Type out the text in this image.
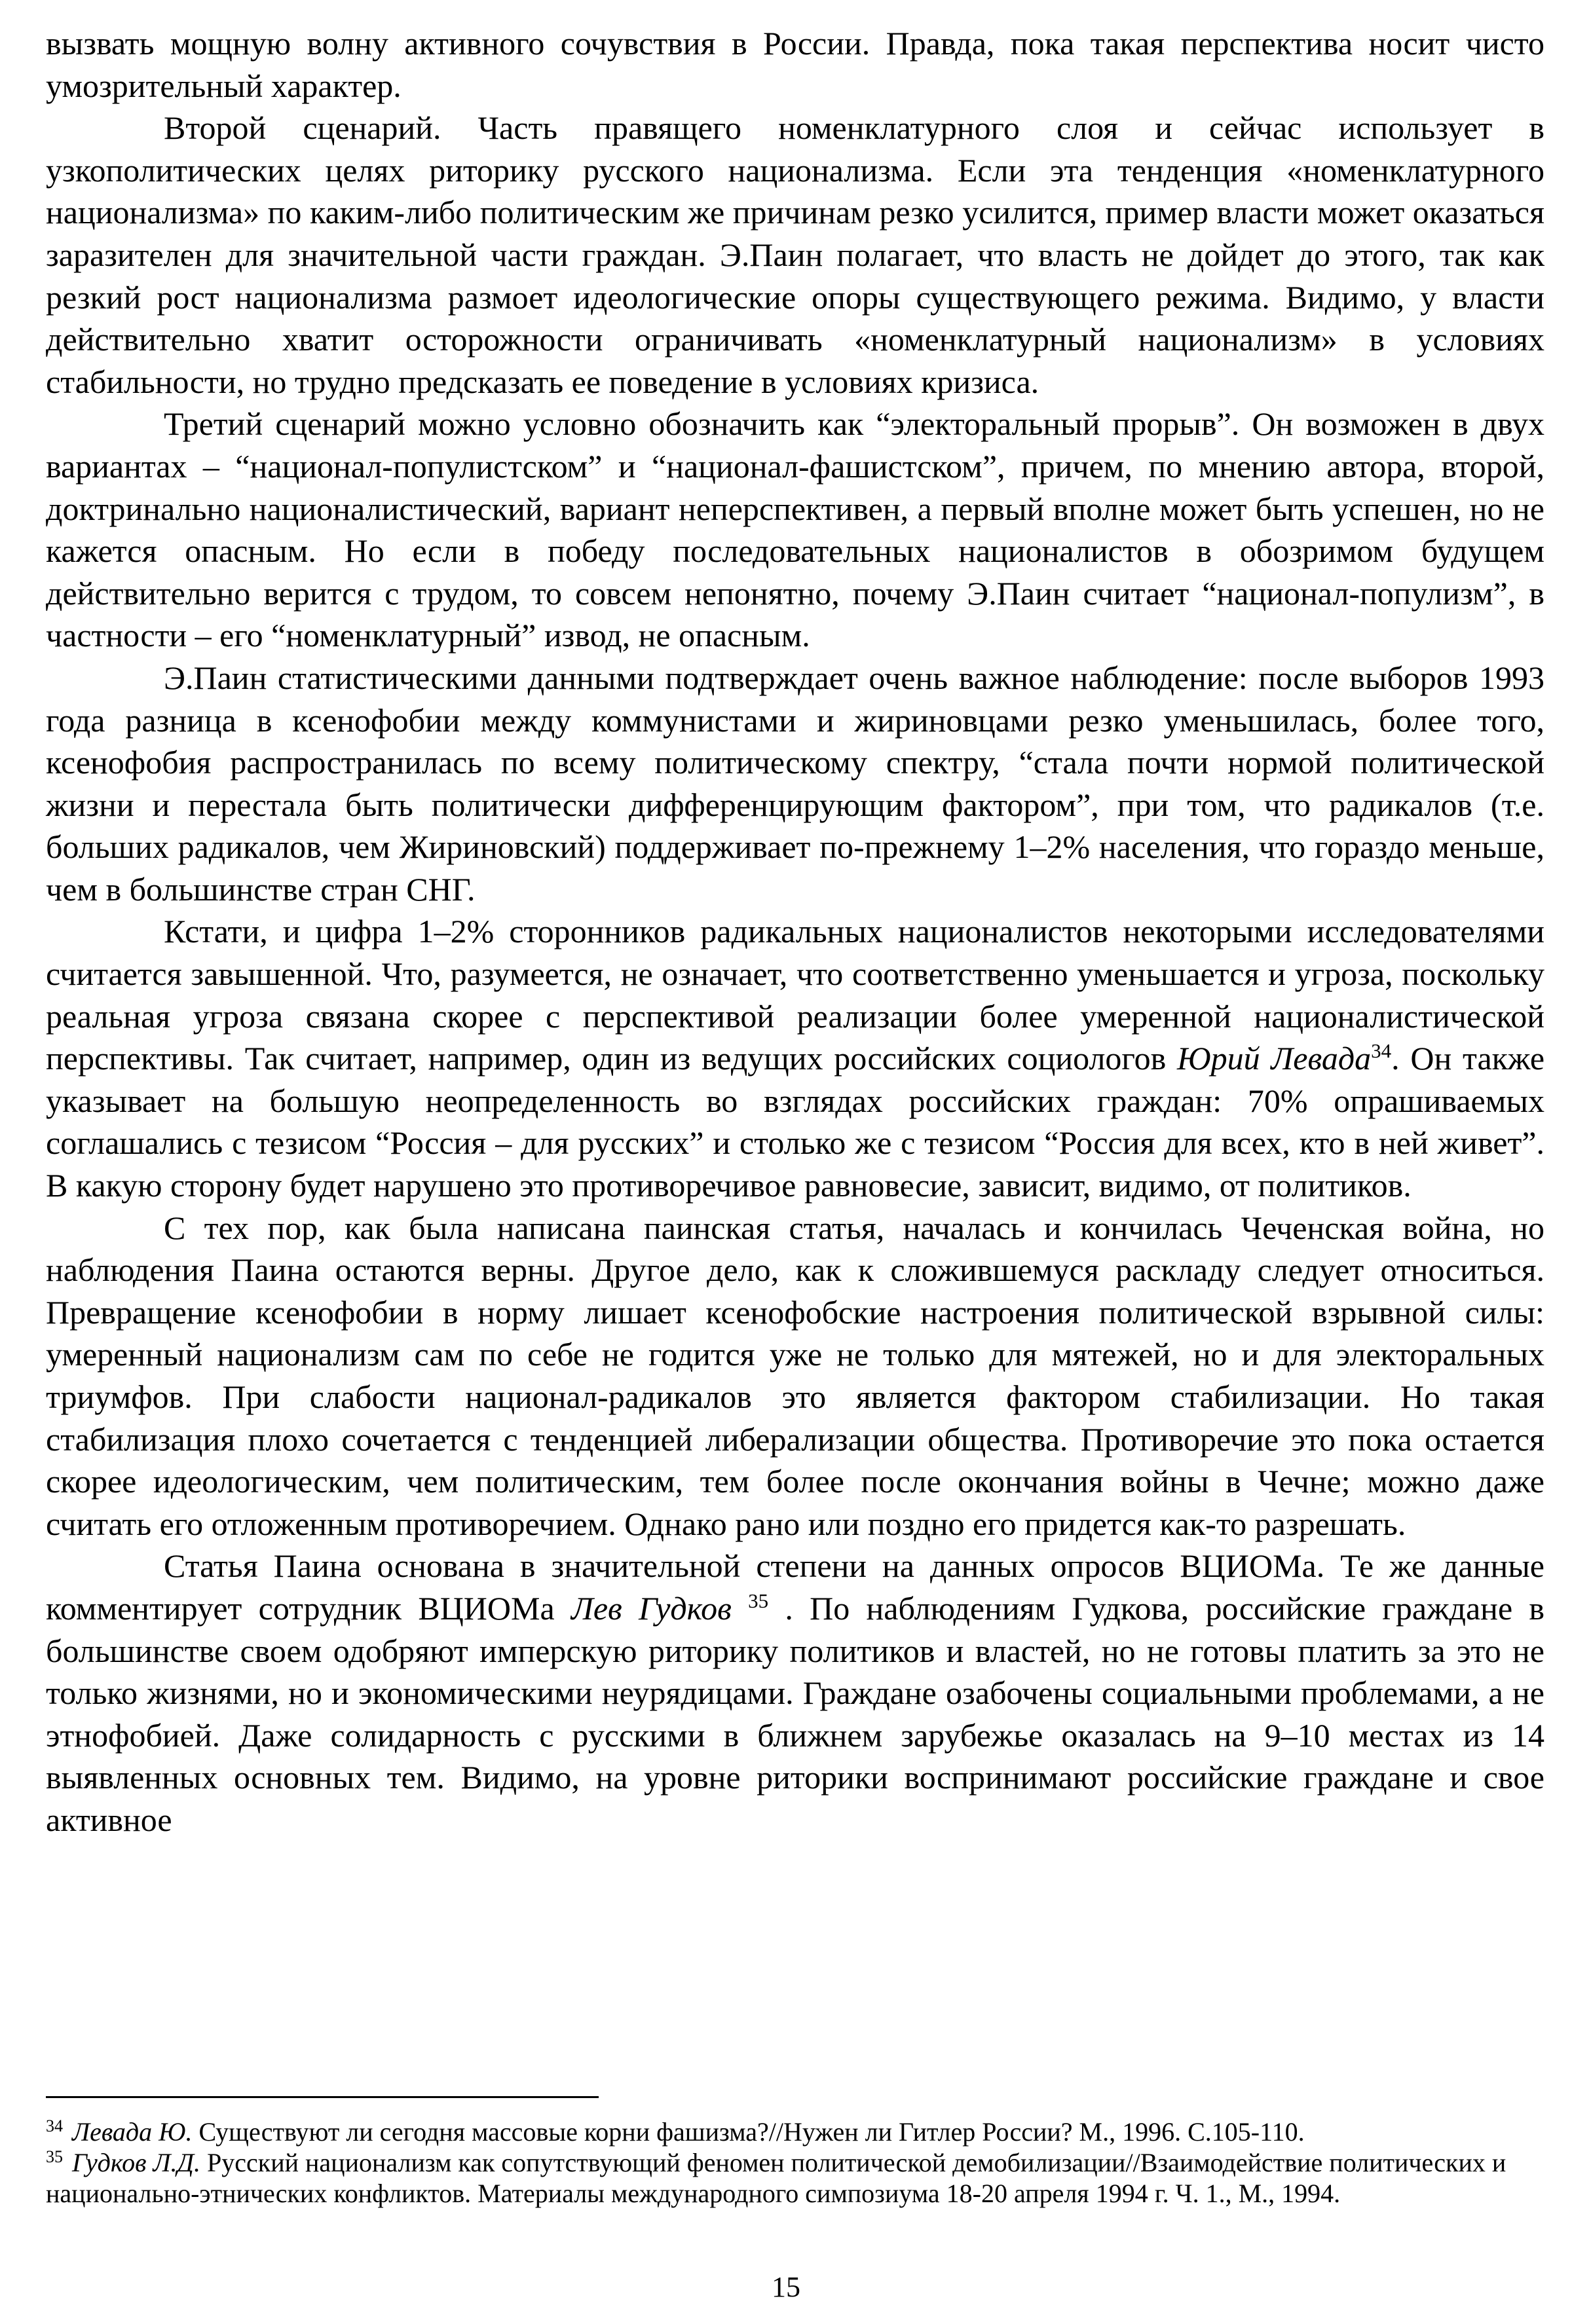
вызвать мощную волну активного сочувствия в России. Правда, пока такая перспектива носит чисто умозрительный характер.

Второй сценарий. Часть правящего номенклатурного слоя и сейчас использует в узкополитических целях риторику русского национализма. Если эта тенденция «номенклатурного национализма» по каким-либо политическим же причинам резко усилится, пример власти может оказаться заразителен для значительной части граждан. Э.Паин полагает, что власть не дойдет до этого, так как резкий рост национализма размоет идеологические опоры существующего режима. Видимо, у власти действительно хватит осторожности ограничивать «номенклатурный национализм» в условиях стабильности, но трудно предсказать ее поведение в условиях кризиса.

Третий сценарий можно условно обозначить как “электоральный прорыв”. Он возможен в двух вариантах – “национал-популистском” и “национал-фашистском”, причем, по мнению автора, второй, доктринально националистический, вариант неперспективен, а первый вполне может быть успешен, но не кажется опасным. Но если в победу последовательных националистов в обозримом будущем действительно верится с трудом, то совсем непонятно, почему Э.Паин считает “национал-популизм”, в частности – его “номенклатурный” извод, не опасным.

Э.Паин статистическими данными подтверждает очень важное наблюдение: после выборов 1993 года разница в ксенофобии между коммунистами и жириновцами резко уменьшилась, более того, ксенофобия распространилась по всему политическому спектру, “стала почти нормой политической жизни и перестала быть политически дифференцирующим фактором”, при том, что радикалов (т.е. больших радикалов, чем Жириновский) поддерживает по-прежнему 1–2% населения, что гораздо меньше, чем в большинстве стран СНГ.

Кстати, и цифра 1–2% сторонников радикальных националистов некоторыми исследователями считается завышенной. Что, разумеется, не означает, что соответственно уменьшается и угроза, поскольку реальная угроза связана скорее с перспективой реализации более умеренной националистической перспективы. Так считает, например, один из ведущих российских социологов Юрий Левада$^{34}$. Он также указывает на большую неопределенность во взглядах российских граждан: 70% опрашиваемых соглашались с тезисом “Россия – для русских” и столько же с тезисом “Россия для всех, кто в ней живет”. В какую сторону будет нарушено это противоречивое равновесие, зависит, видимо, от политиков.

С тех пор, как была написана паинская статья, началась и кончилась Чеченская война, но наблюдения Паина остаются верны. Другое дело, как к сложившемуся раскладу следует относиться. Превращение ксенофобии в норму лишает ксенофобские настроения политической взрывной силы: умеренный национализм сам по себе не годится уже не только для мятежей, но и для электоральных триумфов. При слабости национал-радикалов это является фактором стабилизации. Но такая стабилизация плохо сочетается с тенденцией либерализации общества. Противоречие это пока остается скорее идеологическим, чем политическим, тем более после окончания войны в Чечне; можно даже считать его отложенным противоречием. Однако рано или поздно его придется как-то разрешать.

Статья Паина основана в значительной степени на данных опросов ВЦИОМа. Те же данные комментирует сотрудник ВЦИОМа Лев Гудков $^{35}$ . По наблюдениям Гудкова, российские граждане в большинстве своем одобряют имперскую риторику политиков и властей, но не готовы платить за это не только жизнями, но и экономическими неурядицами. Граждане озабочены социальными проблемами, а не этнофобией. Даже солидарность с русскими в ближнем зарубежье оказалась на 9–10 местах из 14 выявленных основных тем. Видимо, на уровне риторики воспринимают российские граждане и свое активное

$^{34}$ Левада Ю. Существуют ли сегодня массовые корни фашизма?//Нужен ли Гитлер России? М., 1996. С.105-110.

$^{35}$ Гудков Л.Д. Русский национализм как сопутствующий феномен политической демобилизации//Взаимодействие политических и национально-этнических конфликтов. Материалы международного симпозиума 18-20 апреля 1994 г. Ч. 1., М., 1994.

15
